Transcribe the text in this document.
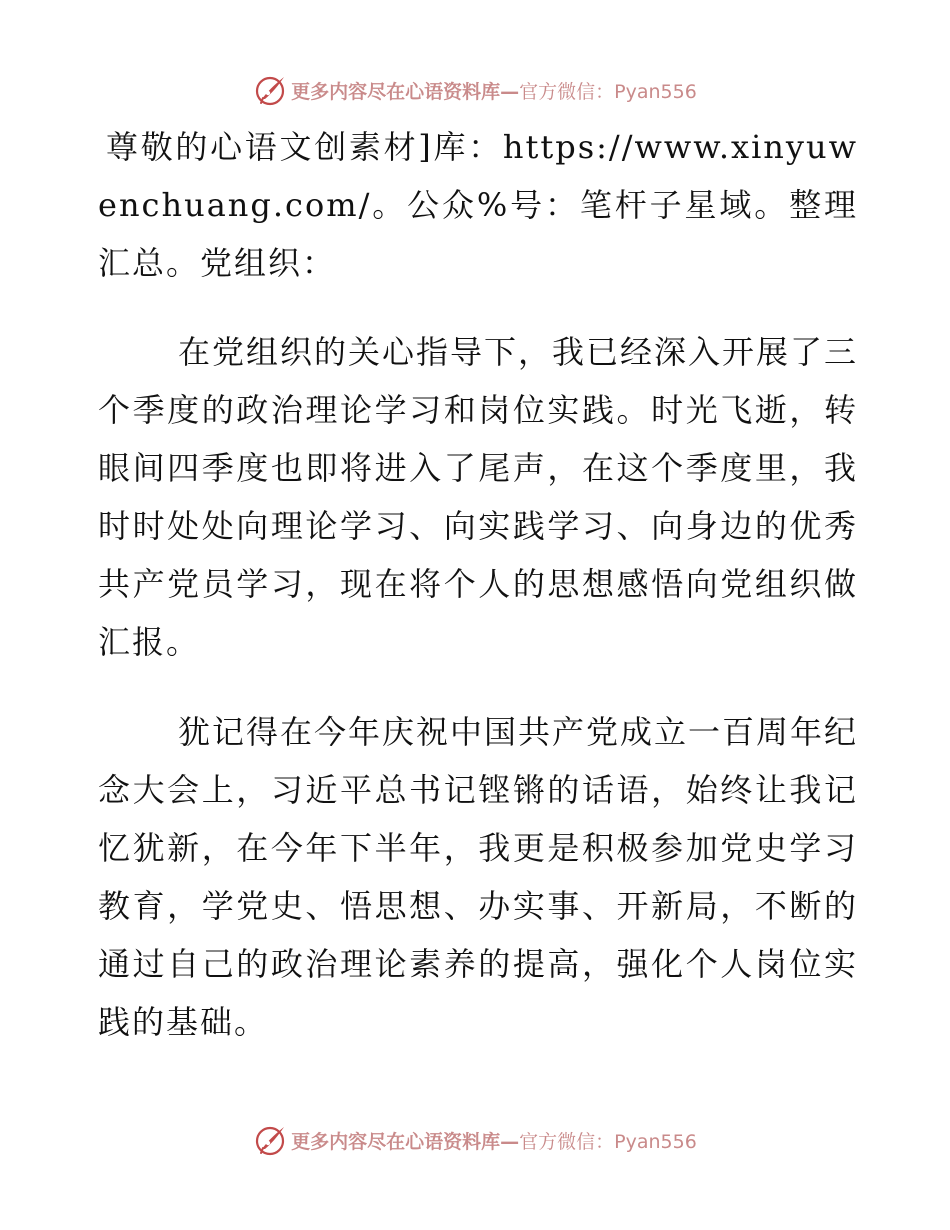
更多内容尽在心语资料库—官方微信：Pyan556

尊敬的心语文创素材]库：https://www.xinyuwenchuang.com/。公众%号：笔杆子星域。整理汇总。党组织：

在党组织的关心指导下，我已经深入开展了三个季度的政治理论学习和岗位实践。时光飞逝，转眼间四季度也即将进入了尾声，在这个季度里，我时时处处向理论学习、向实践学习、向身边的优秀共产党员学习，现在将个人的思想感悟向党组织做汇报。

犹记得在今年庆祝中国共产党成立一百周年纪念大会上，习近平总书记铿锵的话语，始终让我记忆犹新，在今年下半年，我更是积极参加党史学习教育，学党史、悟思想、办实事、开新局，不断的通过自己的政治理论素养的提高，强化个人岗位实践的基础。

更多内容尽在心语资料库—官方微信：Pyan556
